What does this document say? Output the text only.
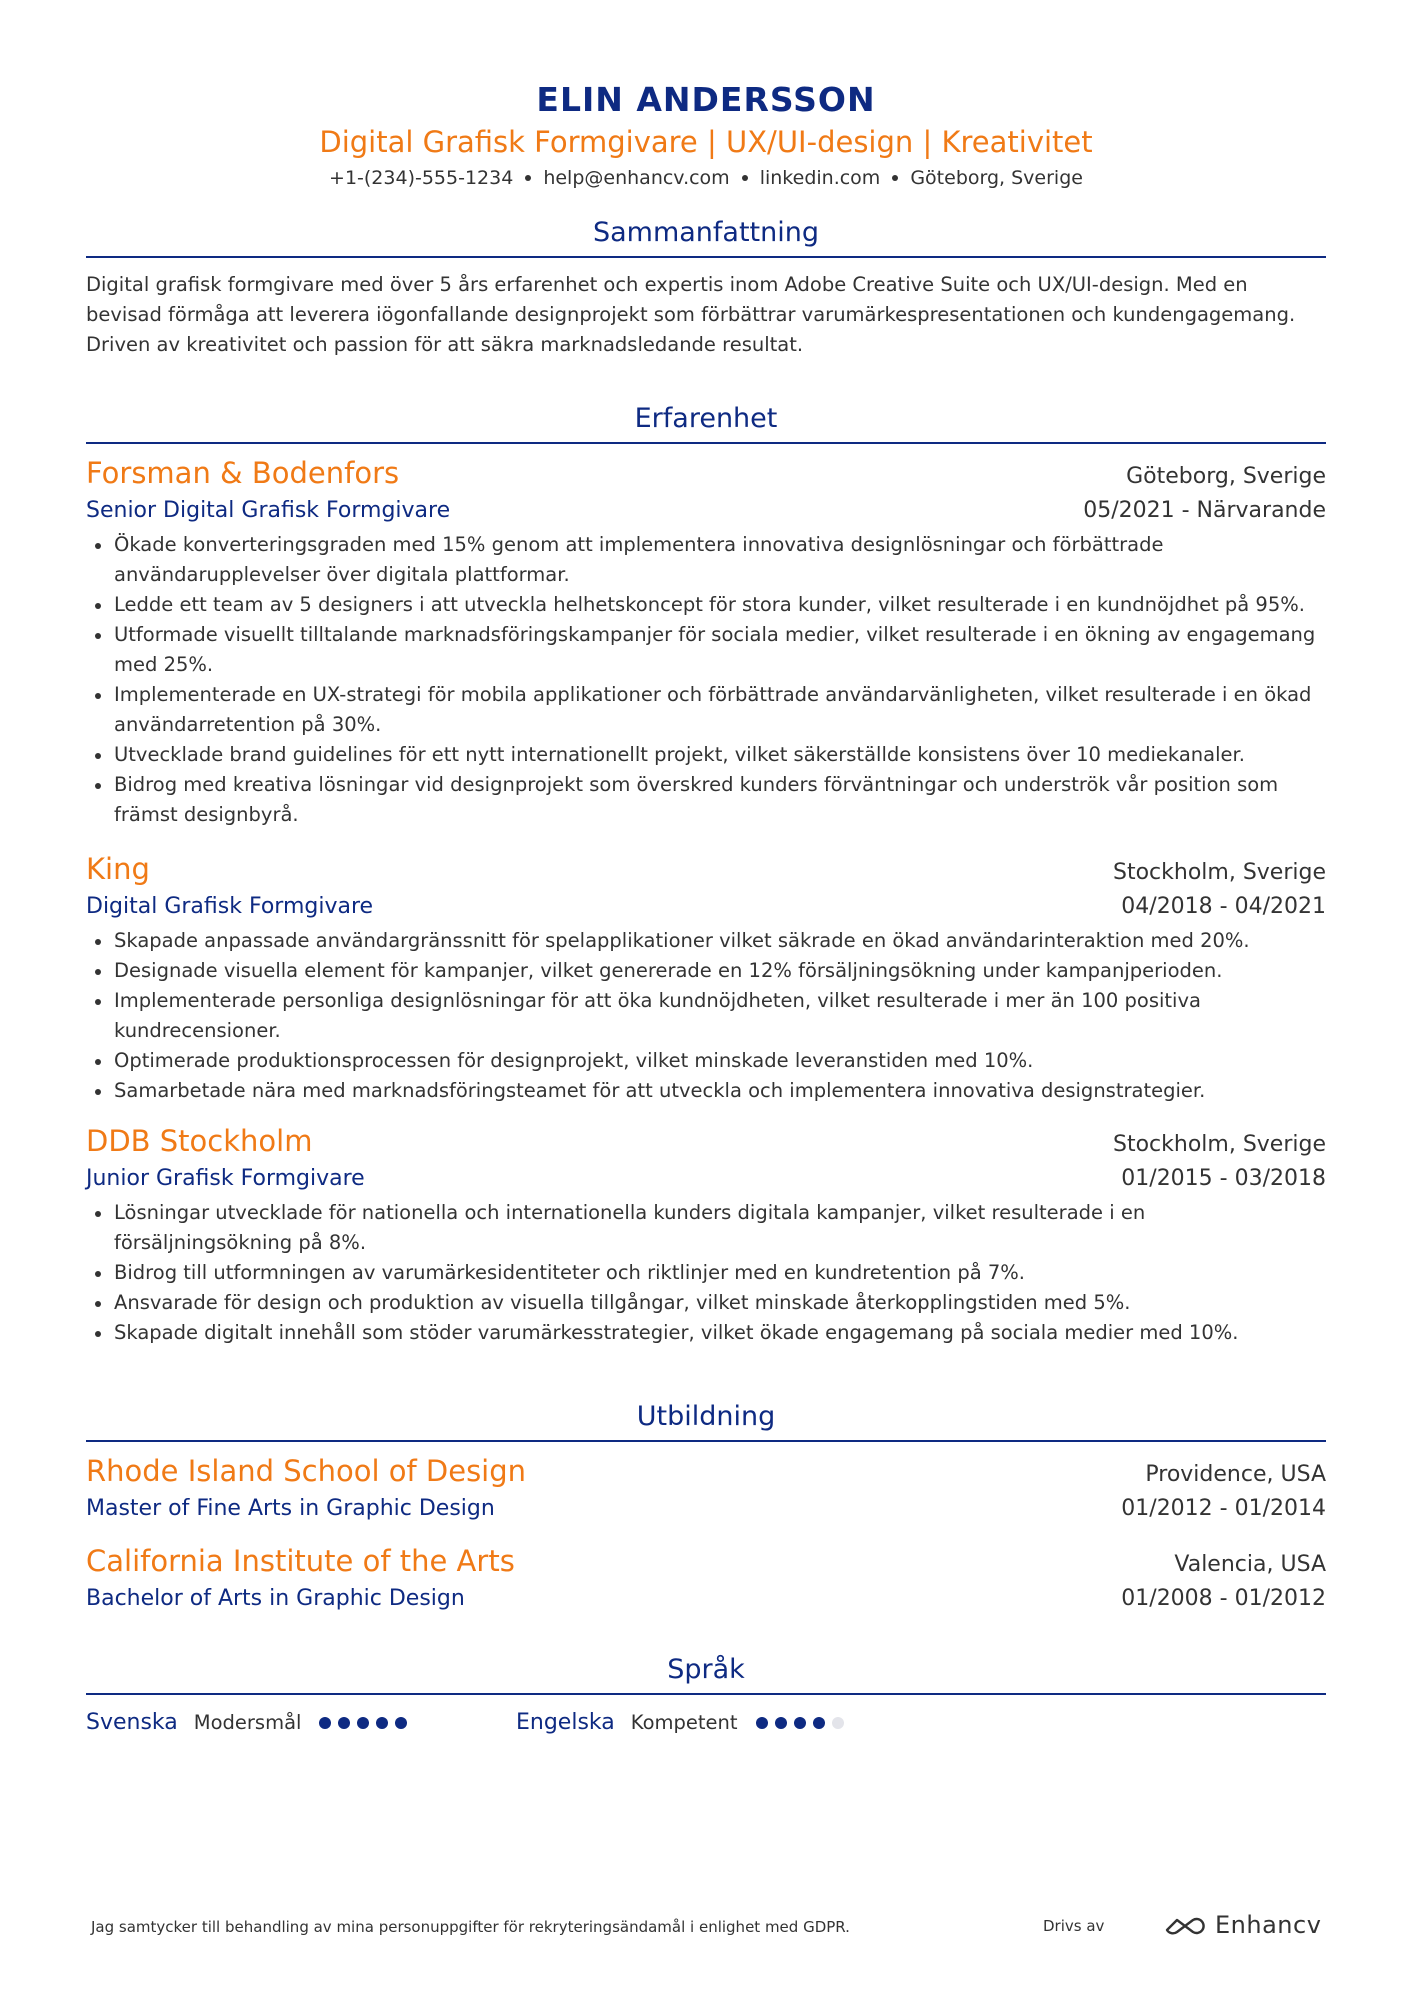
ELIN ANDERSSON
Digital Grafisk Formgivare | UX/UI-design | Kreativitet
+1-(234)-555-1234 help@enhancv.com linkedin.com Göteborg, Sverige
Sammanfattning
Digital grafisk formgivare med över 5 års erfarenhet och expertis inom Adobe Creative Suite och UX/UI-design. Med en bevisad förmåga att leverera iögonfallande designprojekt som förbättrar varumärkespresentationen och kundengagemang. Driven av kreativitet och passion för att säkra marknadsledande resultat.
Erfarenhet
Forsman & Bodenfors	Göteborg, Sverige
Senior Digital Grafisk Formgivare	05/2021 - Närvarande
Ökade konverteringsgraden med 15% genom att implementera innovativa designlösningar och förbättrade användarupplevelser över digitala plattformar.
Ledde ett team av 5 designers i att utveckla helhetskoncept för stora kunder, vilket resulterade i en kundnöjdhet på 95%.
Utformade visuellt tilltalande marknadsföringskampanjer för sociala medier, vilket resulterade i en ökning av engagemang med 25%.
Implementerade en UX-strategi för mobila applikationer och förbättrade användarvänligheten, vilket resulterade i en ökad användarretention på 30%.
Utvecklade brand guidelines för ett nytt internationellt projekt, vilket säkerställde konsistens över 10 mediekanaler.
Bidrog med kreativa lösningar vid designprojekt som överskred kunders förväntningar och underströk vår position som främst designbyrå.
King	Stockholm, Sverige
Digital Grafisk Formgivare	04/2018 - 04/2021
Skapade anpassade användargränssnitt för spelapplikationer vilket säkrade en ökad användarinteraktion med 20%.
Designade visuella element för kampanjer, vilket genererade en 12% försäljningsökning under kampanjperioden.
Implementerade personliga designlösningar för att öka kundnöjdheten, vilket resulterade i mer än 100 positiva kundrecensioner.
Optimerade produktionsprocessen för designprojekt, vilket minskade leveranstiden med 10%.
Samarbetade nära med marknadsföringsteamet för att utveckla och implementera innovativa designstrategier.
DDB Stockholm	Stockholm, Sverige
Junior Grafisk Formgivare	01/2015 - 03/2018
Lösningar utvecklade för nationella och internationella kunders digitala kampanjer, vilket resulterade i en försäljningsökning på 8%.
Bidrog till utformningen av varumärkesidentiteter och riktlinjer med en kundretention på 7%.
Ansvarade för design och produktion av visuella tillgångar, vilket minskade återkopplingstiden med 5%.
Skapade digitalt innehåll som stöder varumärkesstrategier, vilket ökade engagemang på sociala medier med 10%.
Utbildning
Rhode Island School of Design	Providence, USA
Master of Fine Arts in Graphic Design	01/2012 - 01/2014
California Institute of the Arts	Valencia, USA
Bachelor of Arts in Graphic Design	01/2008 - 01/2012
Språk
Svenska Modersmål	Engelska Kompetent
Jag samtycker till behandling av mina personuppgifter för rekryteringsändamål i enlighet med GDPR.	Drivs av	Enhancv
